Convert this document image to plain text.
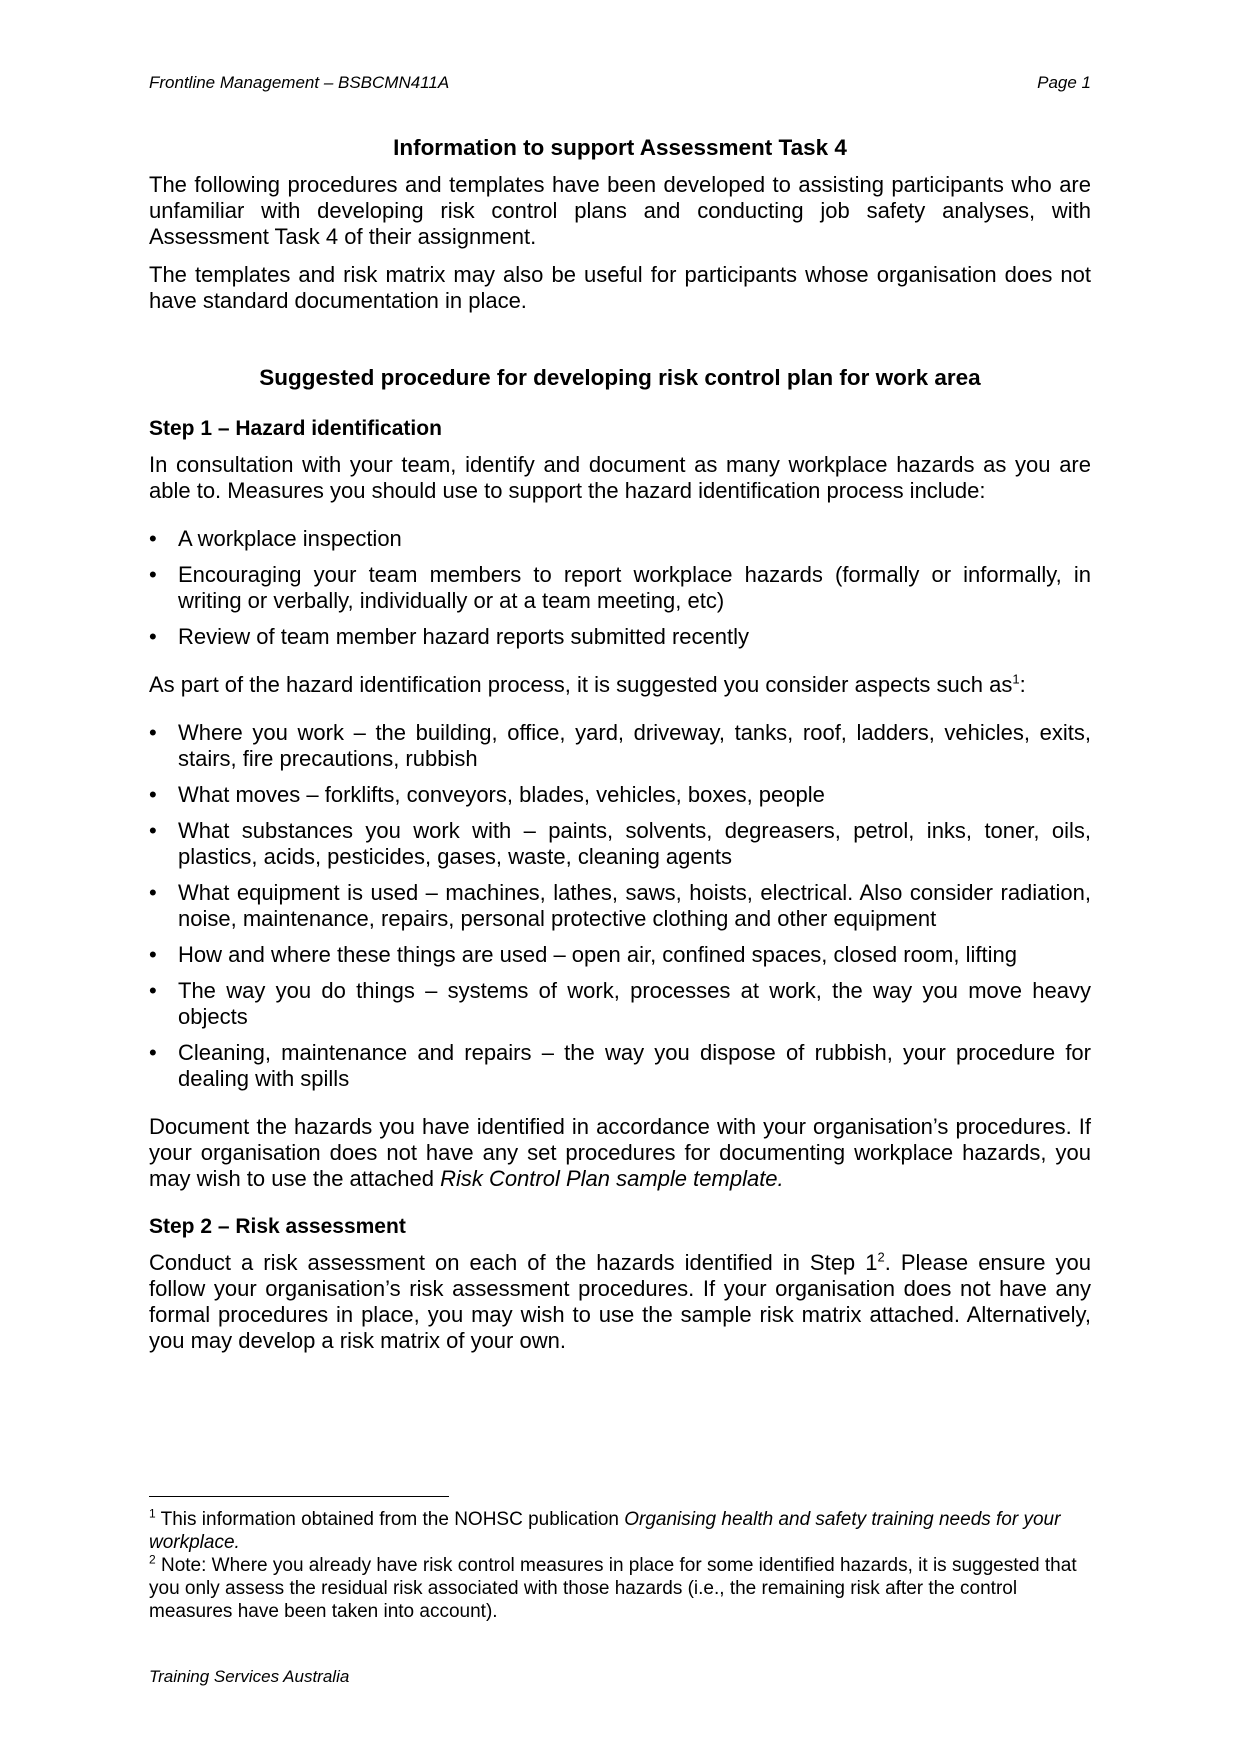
Frontline Management – BSBCMN411A	Page 1
Information to support Assessment Task 4

The following procedures and templates have been developed to assisting participants who are unfamiliar with developing risk control plans and conducting job safety analyses, with Assessment Task 4 of their assignment.

The templates and risk matrix may also be useful for participants whose organisation does not have standard documentation in place.

Suggested procedure for developing risk control plan for work area
Step 1 – Hazard identification

In consultation with your team, identify and document as many workplace hazards as you are able to. Measures you should use to support the hazard identification process include:

• A workplace inspection
• Encouraging your team members to report workplace hazards (formally or informally, in writing or verbally, individually or at a team meeting, etc)
• Review of team member hazard reports submitted recently

As part of the hazard identification process, it is suggested you consider aspects such $as^1$:

• Where you work – the building, office, yard, driveway, tanks, roof, ladders, vehicles, exits, stairs, fire precautions, rubbish
• What moves – forklifts, conveyors, blades, vehicles, boxes, people
• What substances you work with – paints, solvents, degreasers, petrol, inks, toner, oils, plastics, acids, pesticides, gases, waste, cleaning agents
• What equipment is used – machines, lathes, saws, hoists, electrical. Also consider radiation, noise, maintenance, repairs, personal protective clothing and other equipment
• How and where these things are used – open air, confined spaces, closed room, lifting
• The way you do things – systems of work, processes at work, the way you move heavy objects
• Cleaning, maintenance and repairs – the way you dispose of rubbish, your procedure for dealing with spills

Document the hazards you have identified in accordance with your organisation’s procedures. If your organisation does not have any set procedures for documenting workplace hazards, you may wish to use the attached Risk Control Plan sample template.

Step 2 – Risk assessment

Conduct a risk assessment on each of the hazards identified in Step $1^2$. Please ensure you follow your organisation’s risk assessment procedures. If your organisation does not have any formal procedures in place, you may wish to use the sample risk matrix attached. Alternatively, you may develop a risk matrix of your own.

$^1$ This information obtained from the NOHSC publication Organising health and safety training needs for your workplace.

$^2$ Note: Where you already have risk control measures in place for some identified hazards, it is suggested that you only assess the residual risk associated with those hazards (i.e., the remaining risk after the control measures have been taken into account).

Training Services Australia
